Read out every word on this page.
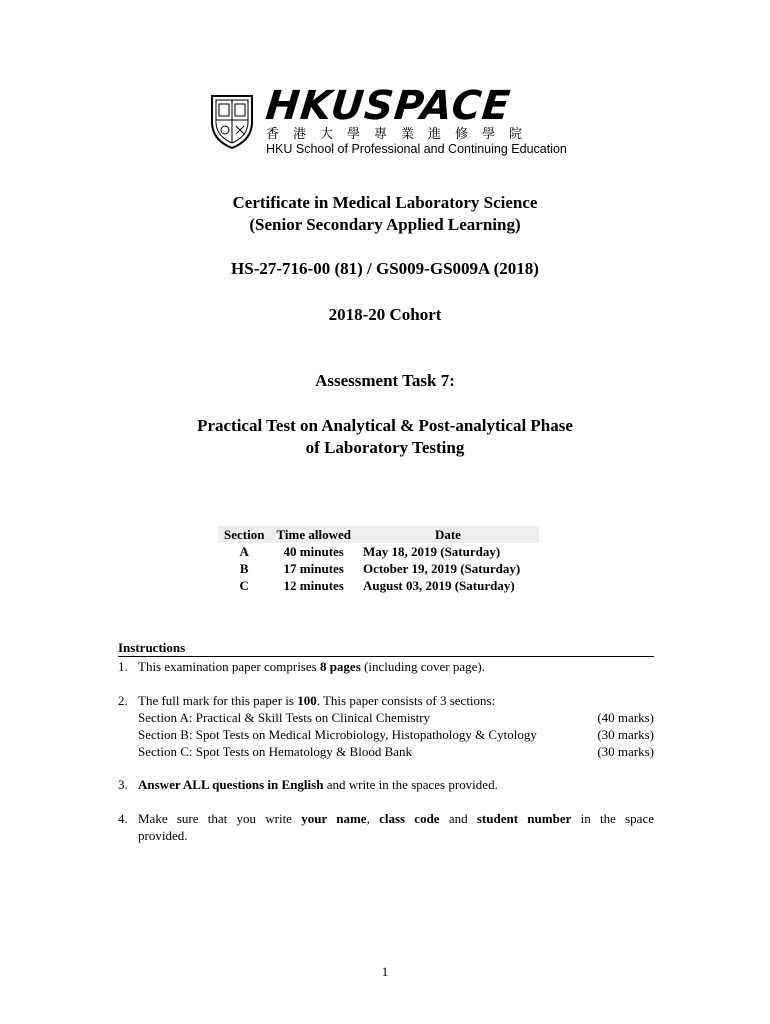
HKUSPACE
香港大學專業進修學院
HKU School of Professional and Continuing Education
Certificate in Medical Laboratory Science
(Senior Secondary Applied Learning)
HS-27-716-00 (81) / GS009-GS009A (2018)
2018-20 Cohort
Assessment Task 7:
Practical Test on Analytical & Post-analytical Phase
of Laboratory Testing
Section	Time allowed	Date
A	40 minutes	May 18, 2019 (Saturday)
B	17 minutes	October 19, 2019 (Saturday)
C	12 minutes	August 03, 2019 (Saturday)
Instructions
1. This examination paper comprises 8 pages (including cover page).
2. The full mark for this paper is 100. This paper consists of 3 sections:
Section A: Practical & Skill Tests on Clinical Chemistry	(40 marks)
Section B: Spot Tests on Medical Microbiology, Histopathology & Cytology	(30 marks)
Section C: Spot Tests on Hematology & Blood Bank	(30 marks)
3. Answer ALL questions in English and write in the spaces provided.
4. Make sure that you write your name, class code and student number in the space provided.
1
